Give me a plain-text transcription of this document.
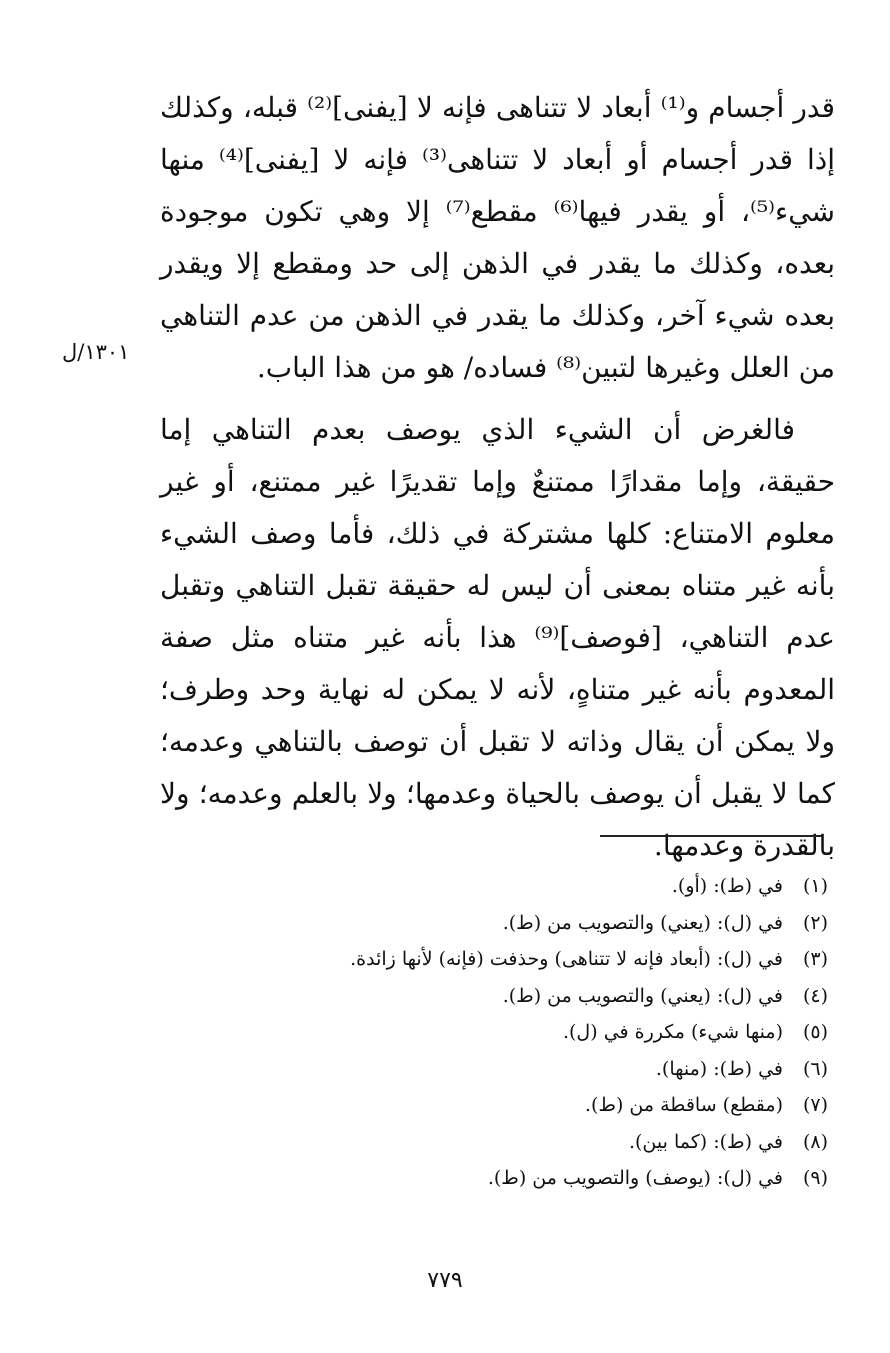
١٣٠١/ل

قدر أجسام و⁽¹⁾ أبعاد لا تتناهى فإنه لا [يفنى]⁽²⁾ قبله، وكذلك إذا قدر أجسام أو أبعاد لا تتناهى⁽³⁾ فإنه لا [يفنى]⁽⁴⁾ منها شيء⁽⁵⁾، أو يقدر فيها⁽⁶⁾ مقطع⁽⁷⁾ إلا وهي تكون موجودة بعده، وكذلك ما يقدر في الذهن إلى حد ومقطع إلا ويقدر بعده شيء آخر، وكذلك ما يقدر في الذهن من عدم التناهي من العلل وغيرها لتبين⁽⁸⁾ فساده/ هو من هذا الباب.

فالغرض أن الشيء الذي يوصف بعدم التناهي إما حقيقة، وإما مقدارًا ممتنعٌ وإما تقديرًا غير ممتنع، أو غير معلوم الامتناع: كلها مشتركة في ذلك، فأما وصف الشيء بأنه غير متناه بمعنى أن ليس له حقيقة تقبل التناهي وتقبل عدم التناهي، [فوصف]⁽⁹⁾ هذا بأنه غير متناه مثل صفة المعدوم بأنه غير متناهٍ، لأنه لا يمكن له نهاية وحد وطرف؛ ولا يمكن أن يقال وذاته لا تقبل أن توصف بالتناهي وعدمه؛ كما لا يقبل أن يوصف بالحياة وعدمها؛ ولا بالعلم وعدمه؛ ولا بالقدرة وعدمها.

(١)
في (ط): (أو).
(٢)
في (ل): (يعني) والتصويب من (ط).
(٣)
في (ل): (أبعاد فإنه لا تتناهى) وحذفت (فإنه) لأنها زائدة.
(٤)
في (ل): (يعني) والتصويب من (ط).
(٥)
(منها شيء) مكررة في (ل).
(٦)
في (ط): (منها).
(٧)
(مقطع) ساقطة من (ط).
(٨)
في (ط): (كما بين).
(٩)
في (ل): (يوصف) والتصويب من (ط).
٧٧٩
